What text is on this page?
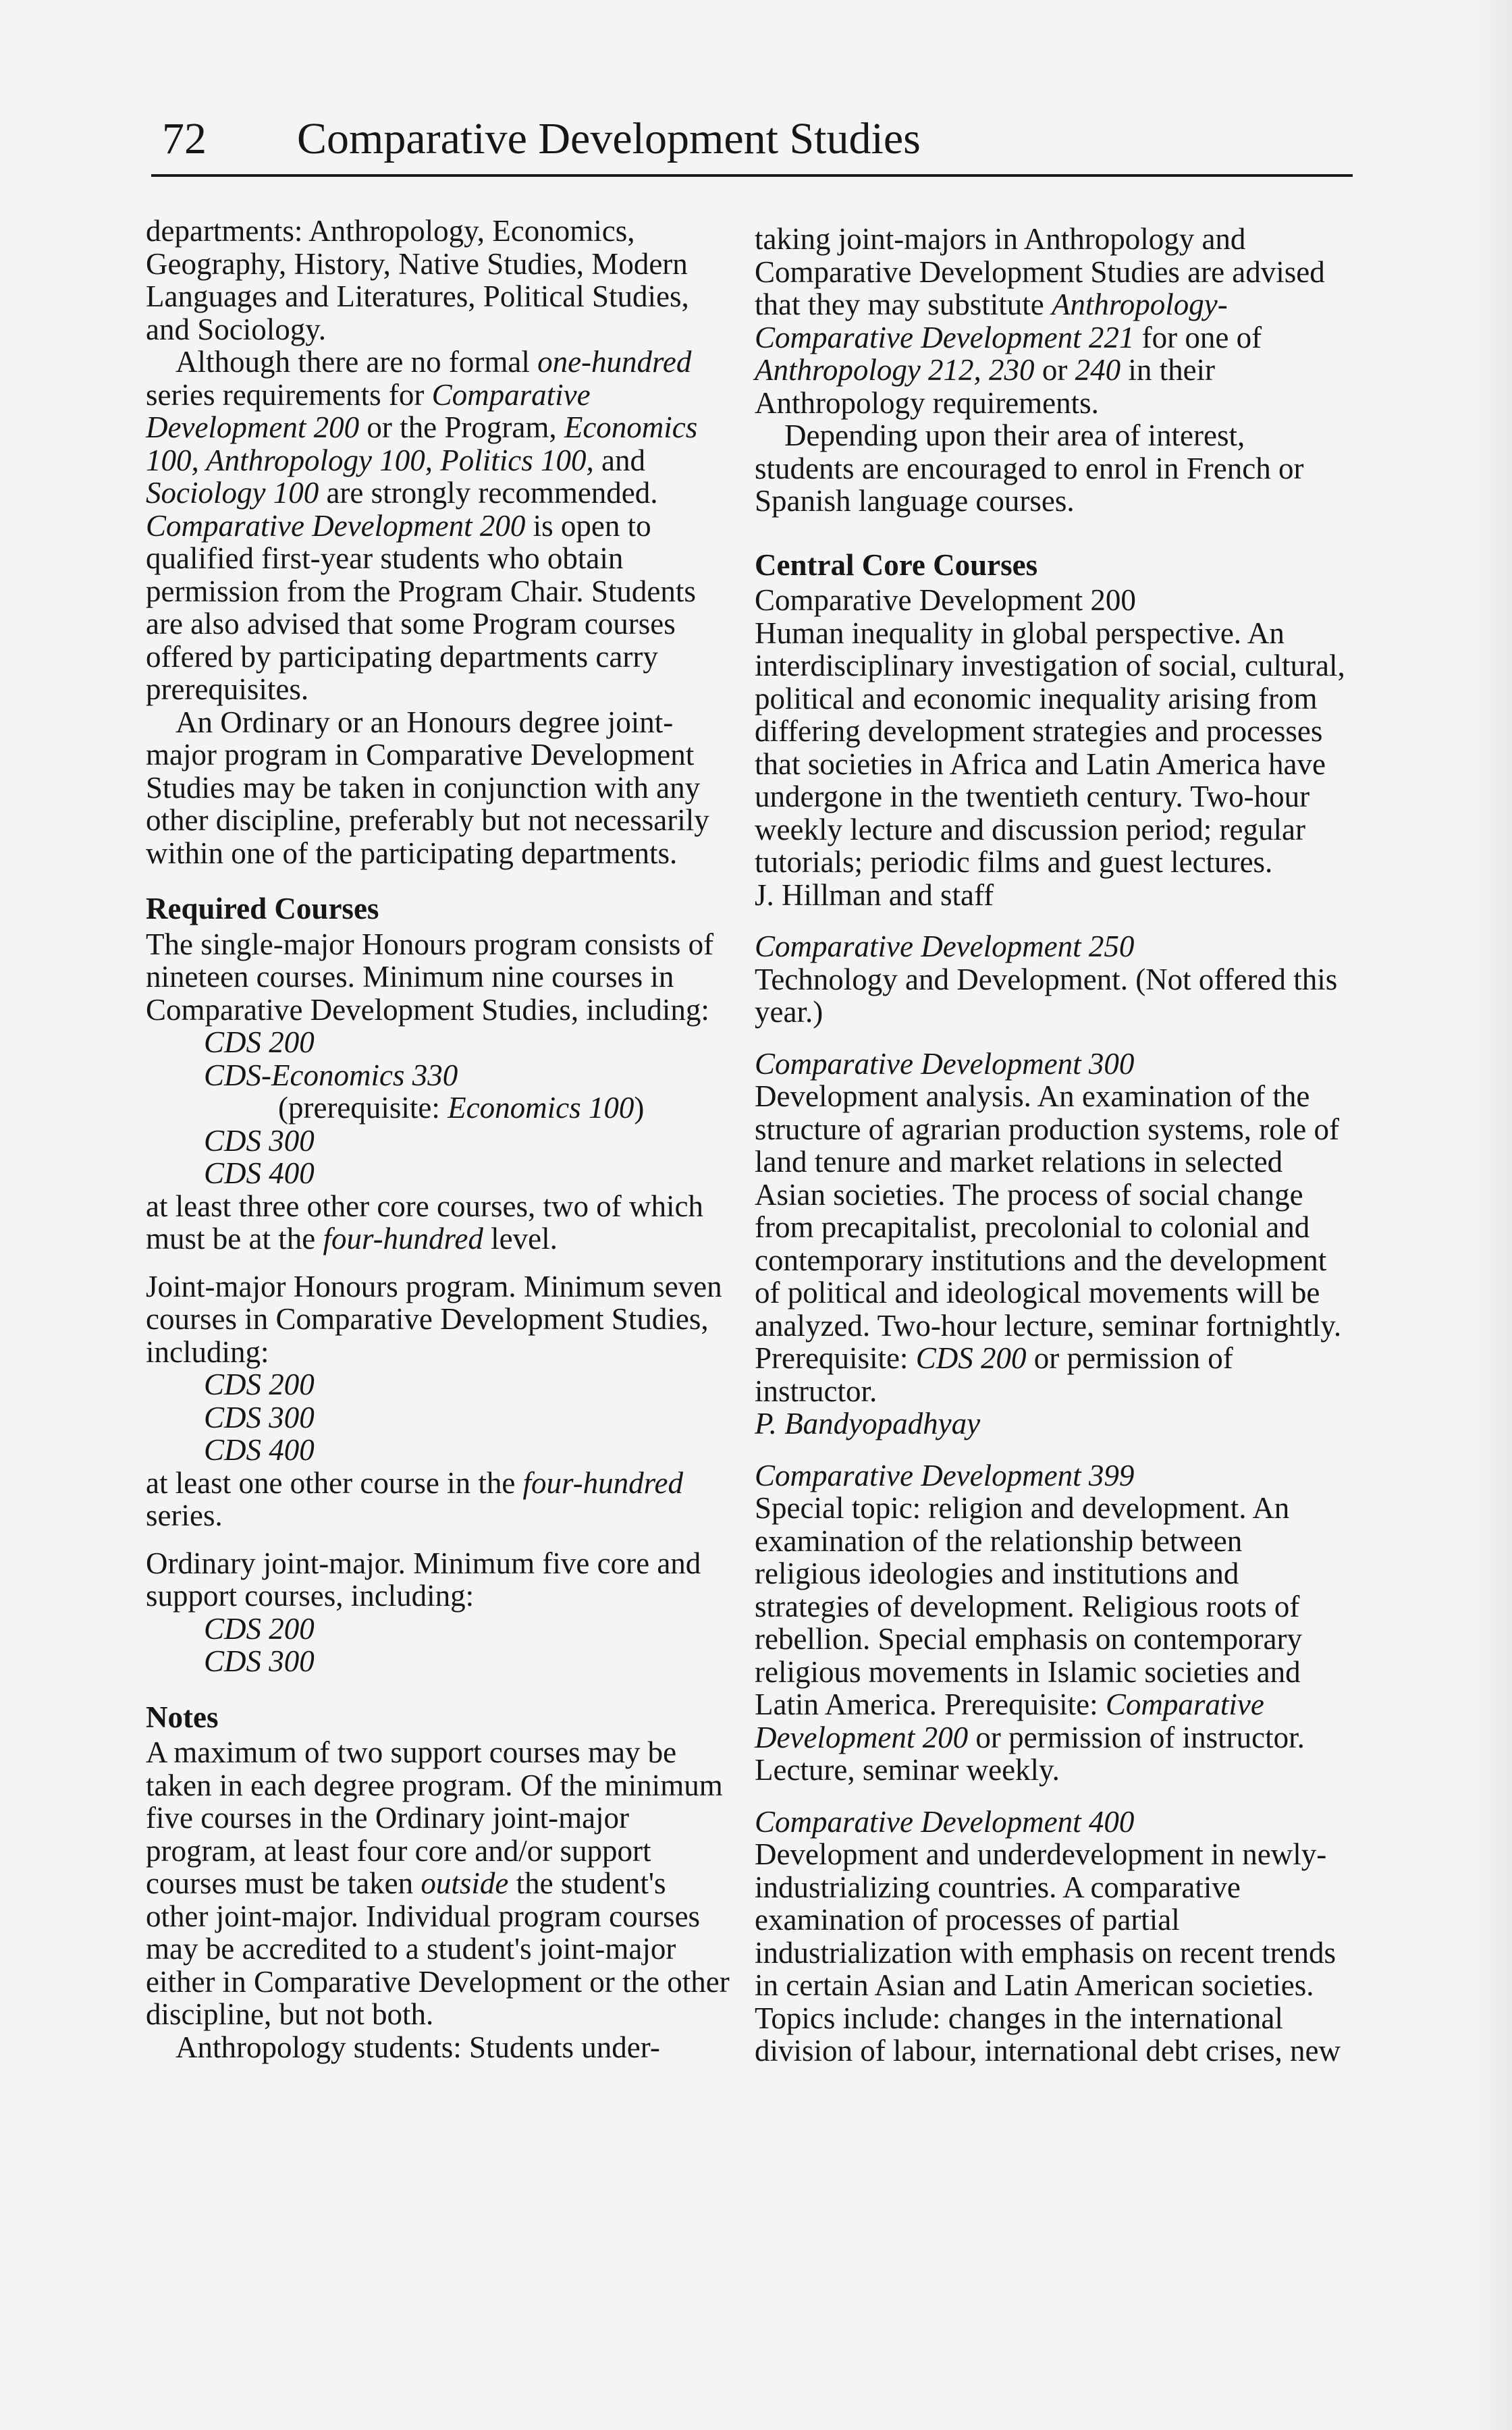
72 Comparative Development Studies

departments: Anthropology, Economics, Geography, History, Native Studies, Modern Languages and Literatures, Political Studies, and Sociology.

Although there are no formal one-hundred series requirements for Comparative Development 200 or the Program, Economics 100, Anthropology 100, Politics 100, and Sociology 100 are strongly recommended. Comparative Development 200 is open to qualified first-year students who obtain permission from the Program Chair. Students are also advised that some Program courses offered by participating departments carry prerequisites.

An Ordinary or an Honours degree joint-major program in Comparative Development Studies may be taken in conjunction with any other discipline, preferably but not necessarily within one of the participating departments.

Required Courses

The single-major Honours program consists of nineteen courses. Minimum nine courses in Comparative Development Studies, including:

CDS 200
CDS-Economics 330
(prerequisite: Economics 100)
CDS 300
CDS 400

at least three other core courses, two of which must be at the four-hundred level.

Joint-major Honours program. Minimum seven courses in Comparative Development Studies, including:

CDS 200
CDS 300
CDS 400

at least one other course in the four-hundred series.

Ordinary joint-major. Minimum five core and support courses, including:

CDS 200
CDS 300
Notes

A maximum of two support courses may be taken in each degree program. Of the minimum five courses in the Ordinary joint-major program, at least four core and/or support courses must be taken outside the student's other joint-major. Individual program courses may be accredited to a student's joint-major either in Comparative Development or the other discipline, but not both.

Anthropology students: Students under-

taking joint-majors in Anthropology and Comparative Development Studies are advised that they may substitute Anthropology-Comparative Development 221 for one of Anthropology 212, 230 or 240 in their Anthropology requirements.

Depending upon their area of interest, students are encouraged to enrol in French or Spanish language courses.

Central Core Courses
Comparative Development 200

Human inequality in global perspective. An interdisciplinary investigation of social, cultural, political and economic inequality arising from differing development strategies and processes that societies in Africa and Latin America have undergone in the twentieth century. Two-hour weekly lecture and discussion period; regular tutorials; periodic films and guest lectures.

J. Hillman and staff
Comparative Development 250

Technology and Development. (Not offered this year.)

Comparative Development 300

Development analysis. An examination of the structure of agrarian production systems, role of land tenure and market relations in selected Asian societies. The process of social change from precapitalist, precolonial to colonial and contemporary institutions and the development of political and ideological movements will be analyzed. Two-hour lecture, seminar fortnightly. Prerequisite: CDS 200 or permission of instructor.

P. Bandyopadhyay
Comparative Development 399

Special topic: religion and development. An examination of the relationship between religious ideologies and institutions and strategies of development. Religious roots of rebellion. Special emphasis on contemporary religious movements in Islamic societies and Latin America. Prerequisite: Comparative Development 200 or permission of instructor. Lecture, seminar weekly.

Comparative Development 400

Development and underdevelopment in newly-industrializing countries. A comparative examination of processes of partial industrialization with emphasis on recent trends in certain Asian and Latin American societies. Topics include: changes in the international division of labour, international debt crises, new
